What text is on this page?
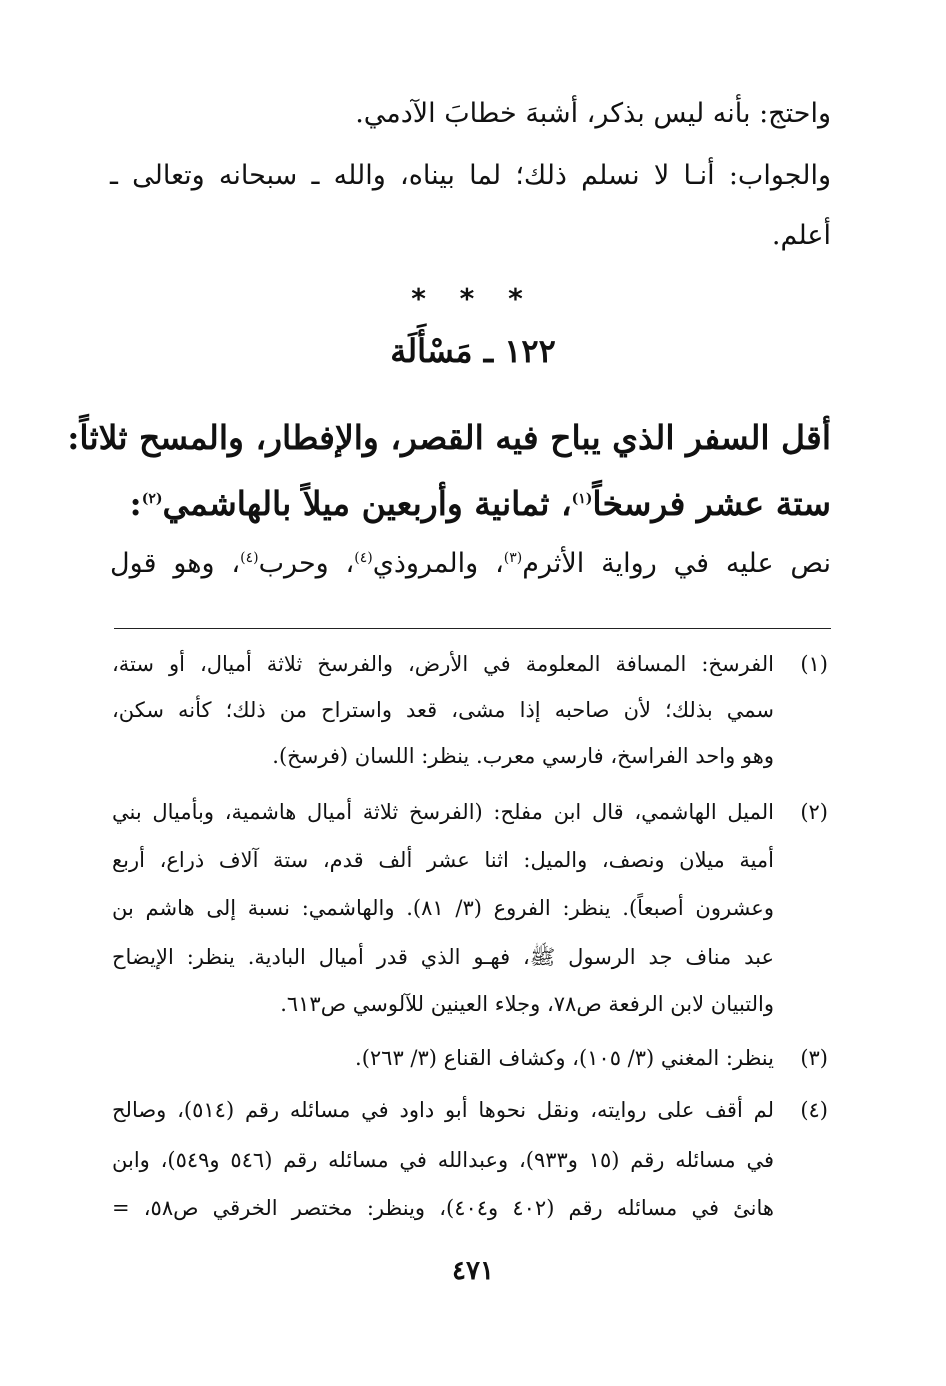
واحتج: بأنه ليس بذكر، أشبهَ خطابَ الآدمي.
والجواب: أنـا لا نسلم ذلك؛ لما بيناه، والله ـ سبحانه وتعالى ـ
أعلم.
* * *
١٢٢ ـ مَسْأَلَة
أقل السفر الذي يباح فيه القصر، والإفطار، والمسح ثلاثاً:
ستة عشر فرسخاً$^{(١)}$، ثمانية وأربعين ميلاً بالهاشمي$^{(٢)}$:
نص عليه في رواية الأثرم$^{(٣)}$، والمروذي$^{(٤)}$، وحرب$^{(٤)}$، وهو قول
(١)
الفرسخ: المسافة المعلومة في الأرض، والفرسخ ثلاثة أميال، أو ستة،
سمي بذلك؛ لأن صاحبه إذا مشى، قعد واستراح من ذلك؛ كأنه سكن،
وهو واحد الفراسخ، فارسي معرب. ينظر: اللسان (فرسخ).
(٢)
الميل الهاشمي، قال ابن مفلح: (الفرسخ ثلاثة أميال هاشمية، وبأميال بني
أمية ميلان ونصف، والميل: اثنا عشر ألف قدم، ستة آلاف ذراع، أربع
وعشرون أصبعاً). ينظر: الفروع (٣/ ٨١). والهاشمي: نسبة إلى هاشم بن
عبد مناف جد الرسول ﷺ، فهـو الذي قدر أميال البادية. ينظر: الإيضاح
والتبيان لابن الرفعة ص٧٨، وجلاء العينين للآلوسي ص٦١٣.
(٣)
ينظر: المغني (٣/ ١٠٥)، وكشاف القناع (٣/ ٢٦٣).
(٤)
لم أقف على روايته، ونقل نحوها أبو داود في مسائله رقم (٥١٤)، وصالح
في مسائله رقم (١٥ و٩٣٣)، وعبدالله في مسائله رقم (٥٤٦ و٥٤٩)، وابن
هانئ في مسائله رقم (٤٠٢ و٤٠٤)، وينظر: مختصر الخرقي ص٥٨، =
٤٧١
